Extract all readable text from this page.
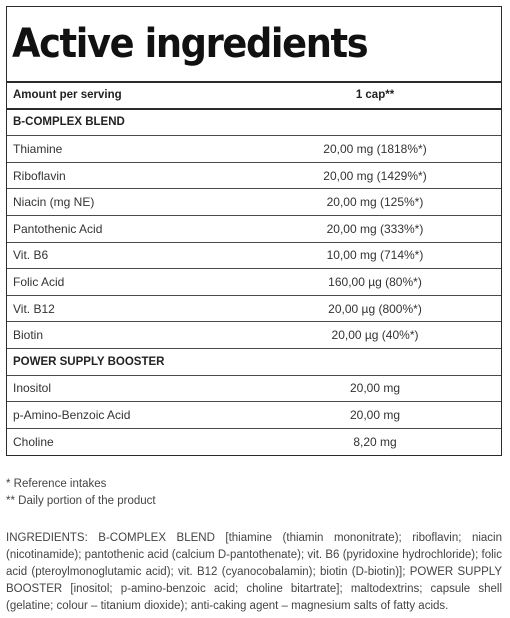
Active ingredients
Amount per serving	1 cap**
B-COMPLEX BLEND
Thiamine	20,00 mg (1818%*)
Riboflavin	20,00 mg (1429%*)
Niacin (mg NE)	20,00 mg (125%*)
Pantothenic Acid	20,00 mg (333%*)
Vit. B6	10,00 mg (714%*)
Folic Acid	160,00 µg (80%*)
Vit. B12	20,00 µg (800%*)
Biotin	20,00 µg (40%*)
POWER SUPPLY BOOSTER
Inositol	20,00 mg
p-Amino-Benzoic Acid	20,00 mg
Choline	8,20 mg
* Reference intakes
** Daily portion of the product
INGREDIENTS: B-COMPLEX BLEND [thiamine (thiamin mononitrate); riboflavin; niacin (nicotinamide); pantothenic acid (calcium D-pantothenate); vit. B6 (pyridoxine hydrochloride); folic acid (pteroylmonoglutamic acid); vit. B12 (cyanocobalamin); biotin (D-biotin)]; POWER SUPPLY BOOSTER [inositol; p-amino-benzoic acid; choline bitartrate]; maltodextrins; capsule shell (gelatine; colour – titanium dioxide); anti-caking agent – magnesium salts of fatty acids.
